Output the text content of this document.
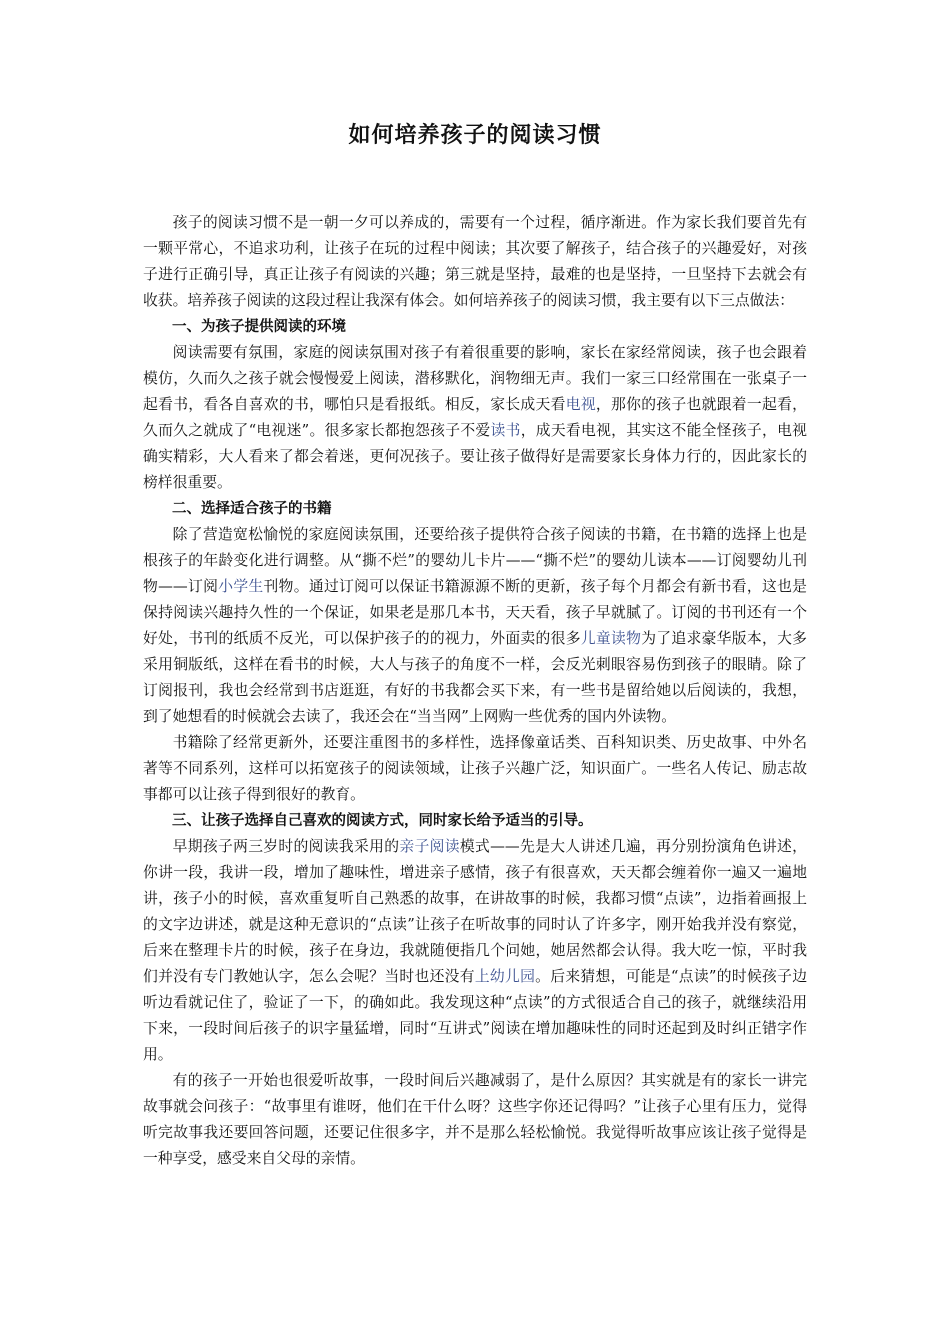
如何培养孩子的阅读习惯

孩子的阅读习惯不是一朝一夕可以养成的，需要有一个过程，循序渐进。作为家长我们要首先有一颗平常心，不追求功利，让孩子在玩的过程中阅读；其次要了解孩子，结合孩子的兴趣爱好，对孩子进行正确引导，真正让孩子有阅读的兴趣；第三就是坚持，最难的也是坚持，一旦坚持下去就会有收获。培养孩子阅读的这段过程让我深有体会。如何培养孩子的阅读习惯，我主要有以下三点做法：

一、为孩子提供阅读的环境

阅读需要有氛围，家庭的阅读氛围对孩子有着很重要的影响，家长在家经常阅读，孩子也会跟着模仿，久而久之孩子就会慢慢爱上阅读，潜移默化，润物细无声。我们一家三口经常围在一张桌子一起看书，看各自喜欢的书，哪怕只是看报纸。相反，家长成天看电视，那你的孩子也就跟着一起看，久而久之就成了“电视迷”。很多家长都抱怨孩子不爱读书，成天看电视，其实这不能全怪孩子，电视确实精彩，大人看来了都会着迷，更何况孩子。要让孩子做得好是需要家长身体力行的，因此家长的榜样很重要。

二、选择适合孩子的书籍

除了营造宽松愉悦的家庭阅读氛围，还要给孩子提供符合孩子阅读的书籍，在书籍的选择上也是根孩子的年龄变化进行调整。从“撕不烂”的婴幼儿卡片——“撕不烂”的婴幼儿读本——订阅婴幼儿刊物——订阅小学生刊物。通过订阅可以保证书籍源源不断的更新，孩子每个月都会有新书看，这也是保持阅读兴趣持久性的一个保证，如果老是那几本书，天天看，孩子早就腻了。订阅的书刊还有一个好处，书刊的纸质不反光，可以保护孩子的的视力，外面卖的很多儿童读物为了追求豪华版本，大多采用铜版纸，这样在看书的时候，大人与孩子的角度不一样，会反光刺眼容易伤到孩子的眼睛。除了订阅报刊，我也会经常到书店逛逛，有好的书我都会买下来，有一些书是留给她以后阅读的，我想，到了她想看的时候就会去读了，我还会在“当当网”上网购一些优秀的国内外读物。

书籍除了经常更新外，还要注重图书的多样性，选择像童话类、百科知识类、历史故事、中外名著等不同系列，这样可以拓宽孩子的阅读领域，让孩子兴趣广泛，知识面广。一些名人传记、励志故事都可以让孩子得到很好的教育。

三、让孩子选择自己喜欢的阅读方式，同时家长给予适当的引导。

早期孩子两三岁时的阅读我采用的亲子阅读模式——先是大人讲述几遍，再分别扮演角色讲述，你讲一段，我讲一段，增加了趣味性，增进亲子感情，孩子有很喜欢，天天都会缠着你一遍又一遍地讲，孩子小的时候，喜欢重复听自己熟悉的故事，在讲故事的时候，我都习惯“点读”，边指着画报上的文字边讲述，就是这种无意识的“点读”让孩子在听故事的同时认了许多字，刚开始我并没有察觉，后来在整理卡片的时候，孩子在身边，我就随便指几个问她，她居然都会认得。我大吃一惊，平时我们并没有专门教她认字，怎么会呢？当时也还没有上幼儿园。后来猜想，可能是“点读”的时候孩子边听边看就记住了，验证了一下，的确如此。我发现这种“点读”的方式很适合自己的孩子，就继续沿用下来，一段时间后孩子的识字量猛增，同时“互讲式”阅读在增加趣味性的同时还起到及时纠正错字作用。

有的孩子一开始也很爱听故事，一段时间后兴趣减弱了，是什么原因？其实就是有的家长一讲完故事就会问孩子：“故事里有谁呀，他们在干什么呀？这些字你还记得吗？”让孩子心里有压力，觉得听完故事我还要回答问题，还要记住很多字，并不是那么轻松愉悦。我觉得听故事应该让孩子觉得是一种享受，感受来自父母的亲情。
